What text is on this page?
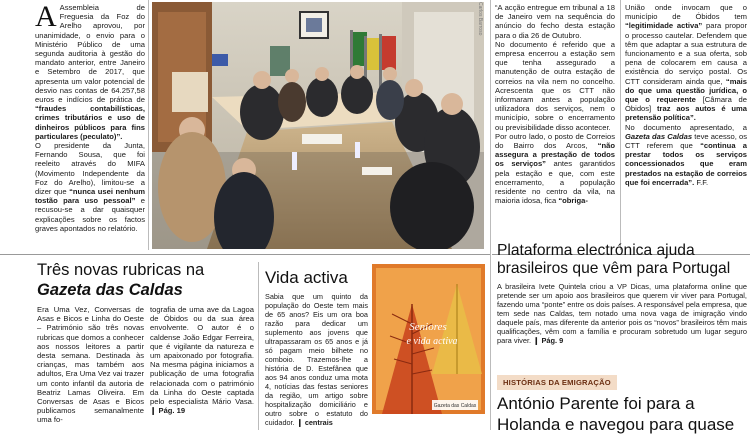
A Assembleia de Freguesia da Foz do Arelho aprovou, por unanimidade, o envio para o Ministério Público de uma segunda auditoria à gestão do mandato anterior, entre Janeiro e Setembro de 2017, que apresenta um valor potencial de desvio nas contas de 64.257,58 euros e indícios de prática de “fraudes contabilísticas, crimes tributários e uso de dinheiros públicos para fins particulares (peculato)”.

O presidente da Junta, Fernando Sousa, que foi reeleito através do MIFA (Movimento Independente da Foz do Arelho), limitou-se a dizer que “nunca usei nenhum tostão para uso pessoal” e recusou-se a dar quaisquer explicações sobre os factos graves apontados no relatório.

Carlos Barroso “A acção entregue em tribunal a 18 de Janeiro vem na sequência do anúncio do fecho desta estação para o dia 26 de Outubro.

No documento é referido que a empresa encerrou a estação sem que tenha assegurado a manutenção de outra estação de correios na vila nem no concelho. Acrescenta que os CTT não informaram antes a população utilizadora dos serviços, nem o município, sobre o encerramento ou previsibilidade disso acontecer.

Por outro lado, o posto de Correios do Bairro dos Arcos, “não assegura a prestação de todos os serviços” antes garantidos pela estação e que, com este encerramento, a população residente no centro da vila, na maioria idosa, fica “obriga-

União onde invocam que o município de Óbidos tem “legitimidade activa” para propor o processo cautelar. Defendem que têm que adaptar a sua estrutura de funcionamento e a sua oferta, sob pena de colocarem em causa a existência do serviço postal. Os CTT consideram ainda que, “mais do que uma questão jurídica, o que o requerente [Câmara de Óbidos] traz aos autos é uma pretensão política”.

No documento apresentado, a Gazeta das Caldas teve acesso, os CTT referem que “continua a prestar todos os serviços concessionados que eram prestados na estação de correios que foi encerrada”. F.F.

Três novas rubricas na
Gazeta das Caldas

Era Uma Vez, Conversas de Asas e Bicos e Linha do Oeste – Património são três novas rubricas que domos a conhecer aos nossos leitores a partir desta semana. Destinada às crianças, mas também aos adultos, Era Uma Vez vai trazer um conto infantil da autoria de Beatriz Lamas Oliveira. Em Conversas de Asas e Bicos publicamos semanalmente uma fo-

tografia de uma ave da Lagoa de Óbidos ou da sua área envolvente. O autor é o caldense João Edgar Ferreira, que é vigilante da natureza e um apaixonado por fotografia. Na mesma página iniciamos a publicação de uma fotografia relacionada com o património da Linha do Oeste captada pelo especialista Mário Vasa. ❙ Pág. 19

Vida activa

Sabia que um quinto da população do Oeste tem mais de 65 anos? Eis um ora boa razão para dedicar um suplemento aos jovens que ultrapassaram os 65 anos e já só pagam meio bilhete no comboio. Trazemos-lhe a história de D. Estefânea que aos 94 anos conduz uma mota 4, notícias das festas seniores da região, um artigo sobre hospitalização domiciliário e outro sobre o estatuto do cuidador. ❙ centrais

Seniores
e vida activa
Gazeta das Caldas
Plataforma electrónica ajuda
brasileiros que vêm para Portugal

A brasileira Ivete Quintela criou a VP Dicas, uma plataforma online que pretende ser um apoio aos brasileiros que querem vir viver para Portugal, fazendo uma “ponte” entre os dois países. A responsável pela empresa, que tem sede nas Caldas, tem notado uma nova vaga de imigração vindo daquele país, mas diferente da anterior pois os “novos” brasileiros têm mais qualificações, vêm com a família e procuram sobretudo um lugar seguro para viver. ❙ Pág. 9

HISTÓRIAS DA EMIGRAÇÃO
António Parente foi para a
Holanda e navegou para quase
